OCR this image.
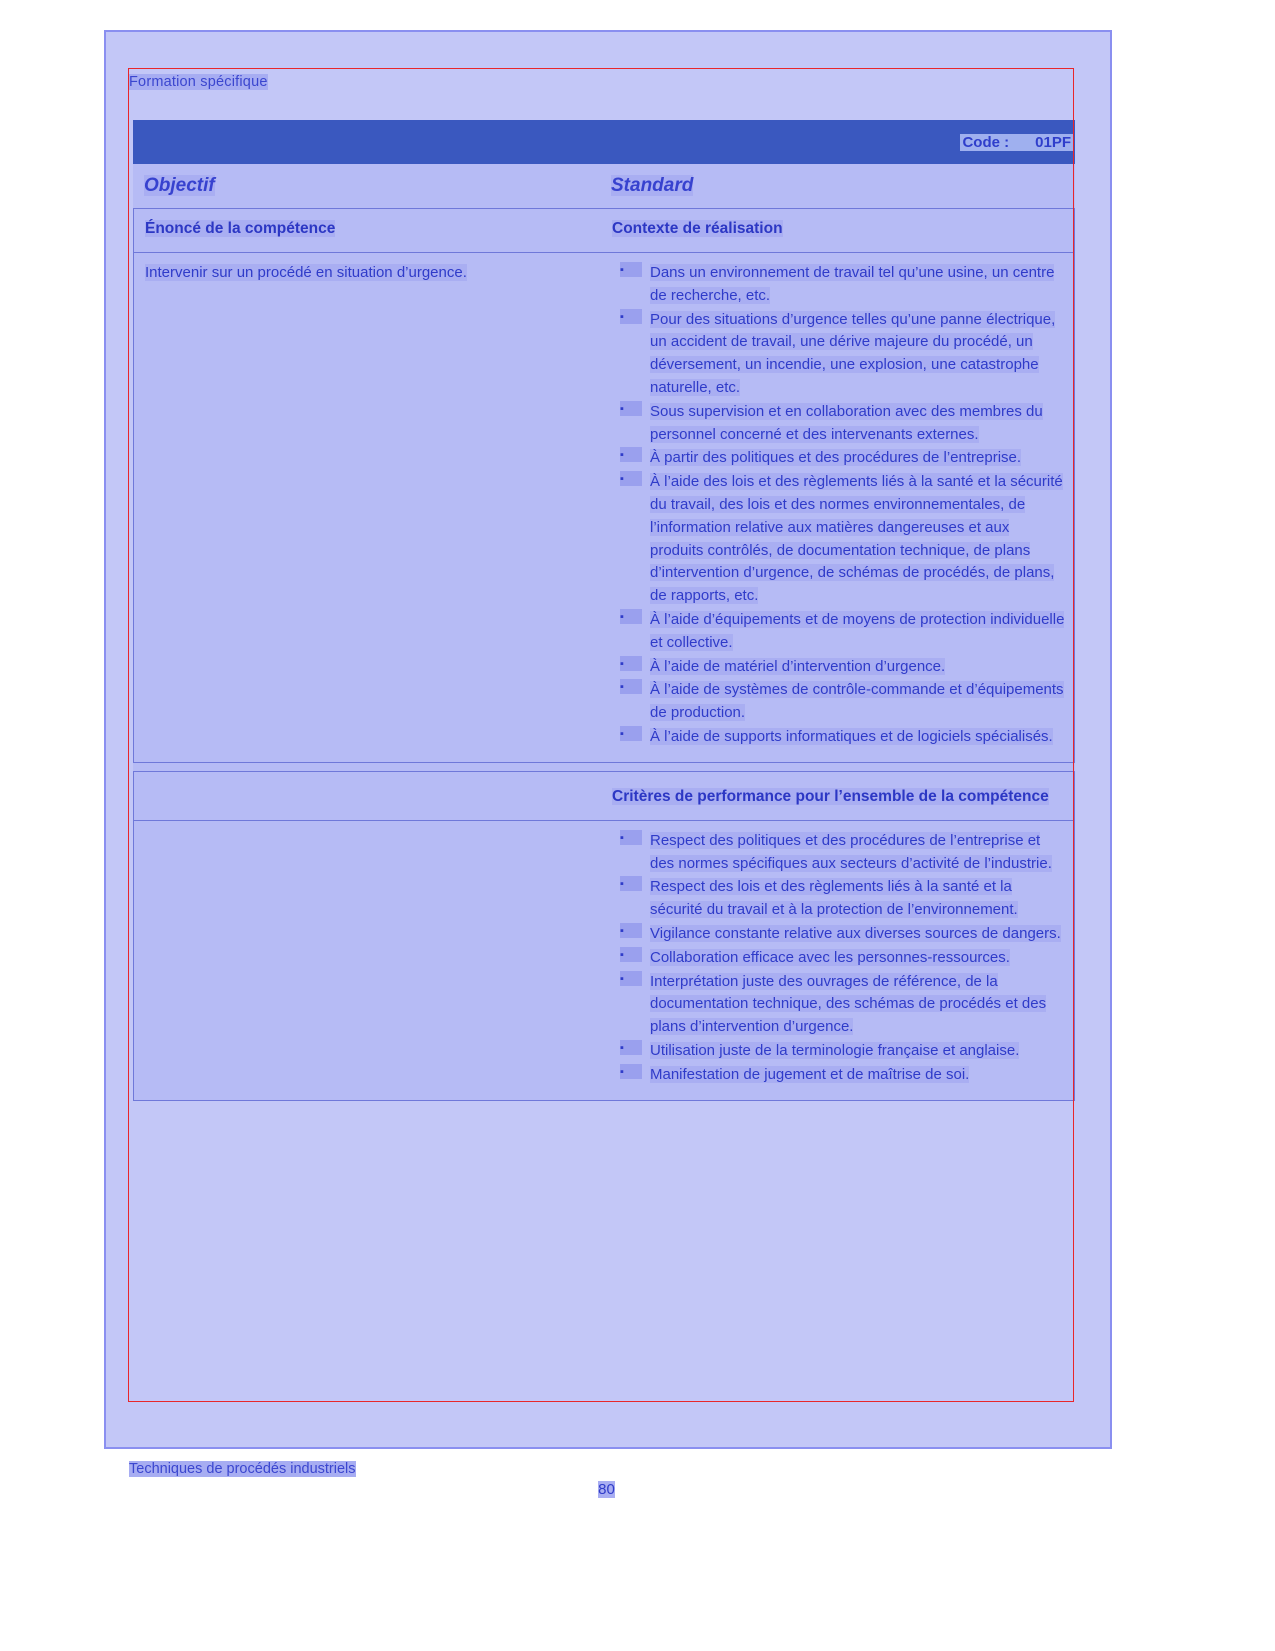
Formation spécifique
Code : 01PF
Objectif	Standard
Énoncé de la compétence	Contexte de réalisation
Intervenir sur un procédé en situation d’urgence.	▪ Dans un environnement de travail tel qu’une usine, un centre de recherche, etc.
▪ Pour des situations d’urgence telles qu’une panne électrique, un accident de travail, une dérive majeure du procédé, un déversement, un incendie, une explosion, une catastrophe naturelle, etc.
▪ Sous supervision et en collaboration avec des membres du personnel concerné et des intervenants externes.
▪ À partir des politiques et des procédures de l’entreprise.
▪ À l’aide des lois et des règlements liés à la santé et la sécurité du travail, des lois et des normes environnementales, de l’information relative aux matières dangereuses et aux produits contrôlés, de documentation technique, de plans d’intervention d’urgence, de schémas de procédés, de plans, de rapports, etc.
▪ À l’aide d’équipements et de moyens de protection individuelle et collective.
▪ À l’aide de matériel d’intervention d’urgence.
▪ À l’aide de systèmes de contrôle-commande et d’équipements de production.
▪ À l’aide de supports informatiques et de logiciels spécialisés.
Critères de performance pour l’ensemble de la compétence
▪ Respect des politiques et des procédures de l’entreprise et des normes spécifiques aux secteurs d’activité de l’industrie.
▪ Respect des lois et des règlements liés à la santé et la sécurité du travail et à la protection de l’environnement.
▪ Vigilance constante relative aux diverses sources de dangers.
▪ Collaboration efficace avec les personnes-ressources.
▪ Interprétation juste des ouvrages de référence, de la documentation technique, des schémas de procédés et des plans d’intervention d’urgence.
▪ Utilisation juste de la terminologie française et anglaise.
▪ Manifestation de jugement et de maîtrise de soi.
Techniques de procédés industriels
80
